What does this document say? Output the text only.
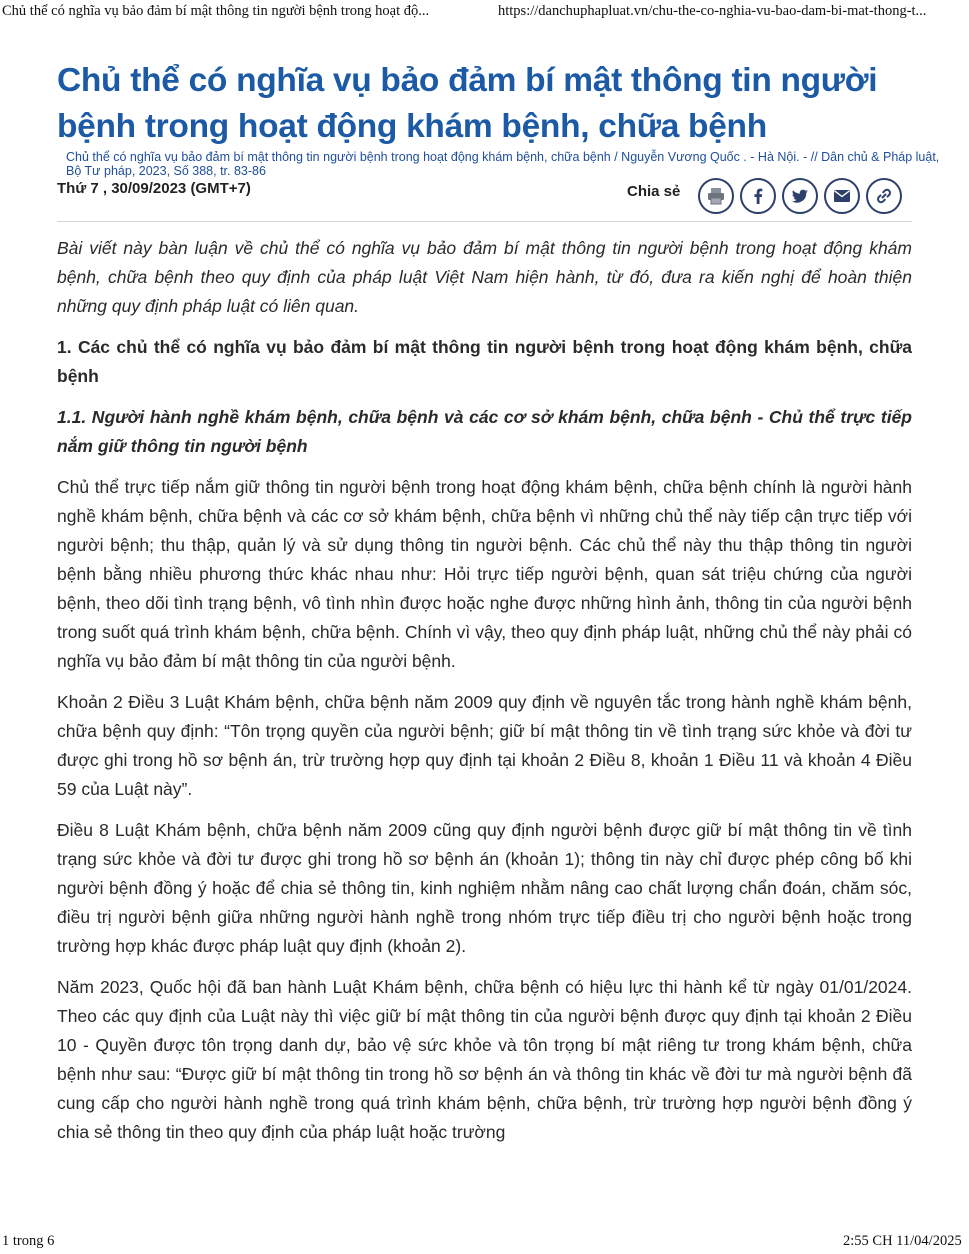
Chủ thể có nghĩa vụ bảo đảm bí mật thông tin người bệnh trong hoạt độ...	https://danchuphapluat.vn/chu-the-co-nghia-vu-bao-dam-bi-mat-thong-t...
Chủ thể có nghĩa vụ bảo đảm bí mật thông tin người bệnh trong hoạt động khám bệnh, chữa bệnh
Chủ thể có nghĩa vụ bảo đảm bí mật thông tin người bệnh trong hoạt động khám bệnh, chữa bệnh / Nguyễn Vương Quốc . - Hà Nội. - // Dân chủ & Pháp luật, Bộ Tư pháp, 2023, Số 388, tr. 83-86
Thứ 7 , 30/09/2023 (GMT+7)	Chia sẻ

Bài viết này bàn luận về chủ thể có nghĩa vụ bảo đảm bí mật thông tin người bệnh trong hoạt động khám bệnh, chữa bệnh theo quy định của pháp luật Việt Nam hiện hành, từ đó, đưa ra kiến nghị để hoàn thiện những quy định pháp luật có liên quan.

1. Các chủ thể có nghĩa vụ bảo đảm bí mật thông tin người bệnh trong hoạt động khám bệnh, chữa bệnh

1.1. Người hành nghề khám bệnh, chữa bệnh và các cơ sở khám bệnh, chữa bệnh - Chủ thể trực tiếp nắm giữ thông tin người bệnh

Chủ thể trực tiếp nắm giữ thông tin người bệnh trong hoạt động khám bệnh, chữa bệnh chính là người hành nghề khám bệnh, chữa bệnh và các cơ sở khám bệnh, chữa bệnh vì những chủ thể này tiếp cận trực tiếp với người bệnh; thu thập, quản lý và sử dụng thông tin người bệnh. Các chủ thể này thu thập thông tin người bệnh bằng nhiều phương thức khác nhau như: Hỏi trực tiếp người bệnh, quan sát triệu chứng của người bệnh, theo dõi tình trạng bệnh, vô tình nhìn được hoặc nghe được những hình ảnh, thông tin của người bệnh trong suốt quá trình khám bệnh, chữa bệnh. Chính vì vậy, theo quy định pháp luật, những chủ thể này phải có nghĩa vụ bảo đảm bí mật thông tin của người bệnh.

Khoản 2 Điều 3 Luật Khám bệnh, chữa bệnh năm 2009 quy định về nguyên tắc trong hành nghề khám bệnh, chữa bệnh quy định: “Tôn trọng quyền của người bệnh; giữ bí mật thông tin về tình trạng sức khỏe và đời tư được ghi trong hồ sơ bệnh án, trừ trường hợp quy định tại khoản 2 Điều 8, khoản 1 Điều 11 và khoản 4 Điều 59 của Luật này”.

Điều 8 Luật Khám bệnh, chữa bệnh năm 2009 cũng quy định người bệnh được giữ bí mật thông tin về tình trạng sức khỏe và đời tư được ghi trong hồ sơ bệnh án (khoản 1); thông tin này chỉ được phép công bố khi người bệnh đồng ý hoặc để chia sẻ thông tin, kinh nghiệm nhằm nâng cao chất lượng chẩn đoán, chăm sóc, điều trị người bệnh giữa những người hành nghề trong nhóm trực tiếp điều trị cho người bệnh hoặc trong trường hợp khác được pháp luật quy định (khoản 2).

Năm 2023, Quốc hội đã ban hành Luật Khám bệnh, chữa bệnh có hiệu lực thi hành kể từ ngày 01/01/2024. Theo các quy định của Luật này thì việc giữ bí mật thông tin của người bệnh được quy định tại khoản 2 Điều 10 - Quyền được tôn trọng danh dự, bảo vệ sức khỏe và tôn trọng bí mật riêng tư trong khám bệnh, chữa bệnh như sau: “Được giữ bí mật thông tin trong hồ sơ bệnh án và thông tin khác về đời tư mà người bệnh đã cung cấp cho người hành nghề trong quá trình khám bệnh, chữa bệnh, trừ trường hợp người bệnh đồng ý chia sẻ thông tin theo quy định của pháp luật hoặc trường

1 trong 6	2:55 CH 11/04/2025
